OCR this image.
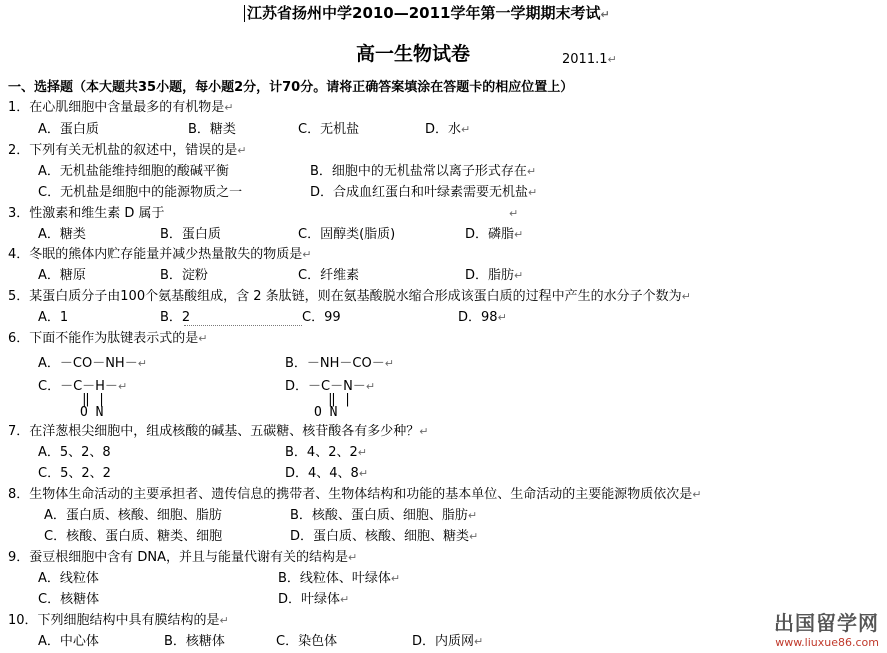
江苏省扬州中学2010—2011学年第一学期期末考试↵
高一生物试卷	2011.1↵
一、选择题（本大题共35小题，每小题2分，计70分。请将正确答案填涂在答题卡的相应位置上）
1．在心肌细胞中含量最多的有机物是↵
A．蛋白质	B．糖类	C．无机盐	D．水↵
2．下列有关无机盐的叙述中，错误的是↵
A．无机盐能维持细胞的酸碱平衡	B．细胞中的无机盐常以离子形式存在↵
C．无机盐是细胞中的能源物质之一	D．合成血红蛋白和叶绿素需要无机盐↵
3．性激素和维生素 D 属于	↵
A．糖类	B．蛋白质	C．固醇类(脂质)	D．磷脂↵
4．冬眠的熊体内贮存能量并减少热量散失的物质是↵
A．糖原	B．淀粉	C．纤维素	D．脂肪↵
5．某蛋白质分子由100个氨基酸组成，含 2 条肽链，则在氨基酸脱水缩合形成该蛋白质的过程中产生的水分子个数为↵
A．1	B．2	C．99	D．98↵
6．下面不能作为肽键表示式的是↵
A．－CO－NH－↵	B．－NH－CO－↵
C．－C－H－↵
‖ |
O N
D．－C－N－↵
‖ |
O N
7．在洋葱根尖细胞中，组成核酸的碱基、五碳糖、核苷酸各有多少种？↵
A．5、2、8	B．4、2、2↵
C．5、2、2	D．4、4、8↵
8．生物体生命活动的主要承担者、遗传信息的携带者、生物体结构和功能的基本单位、生命活动的主要能源物质依次是↵
A．蛋白质、核酸、细胞、脂肪	B．核酸、蛋白质、细胞、脂肪↵
C．核酸、蛋白质、糖类、细胞	D．蛋白质、核酸、细胞、糖类↵
9．蚕豆根细胞中含有 DNA，并且与能量代谢有关的结构是↵
A．线粒体	B．线粒体、叶绿体↵
C．核糖体	D．叶绿体↵
10．下列细胞结构中具有膜结构的是↵
A．中心体	B．核糖体	C．染色体	D．内质网↵
出国留学网
www.liuxue86.com
